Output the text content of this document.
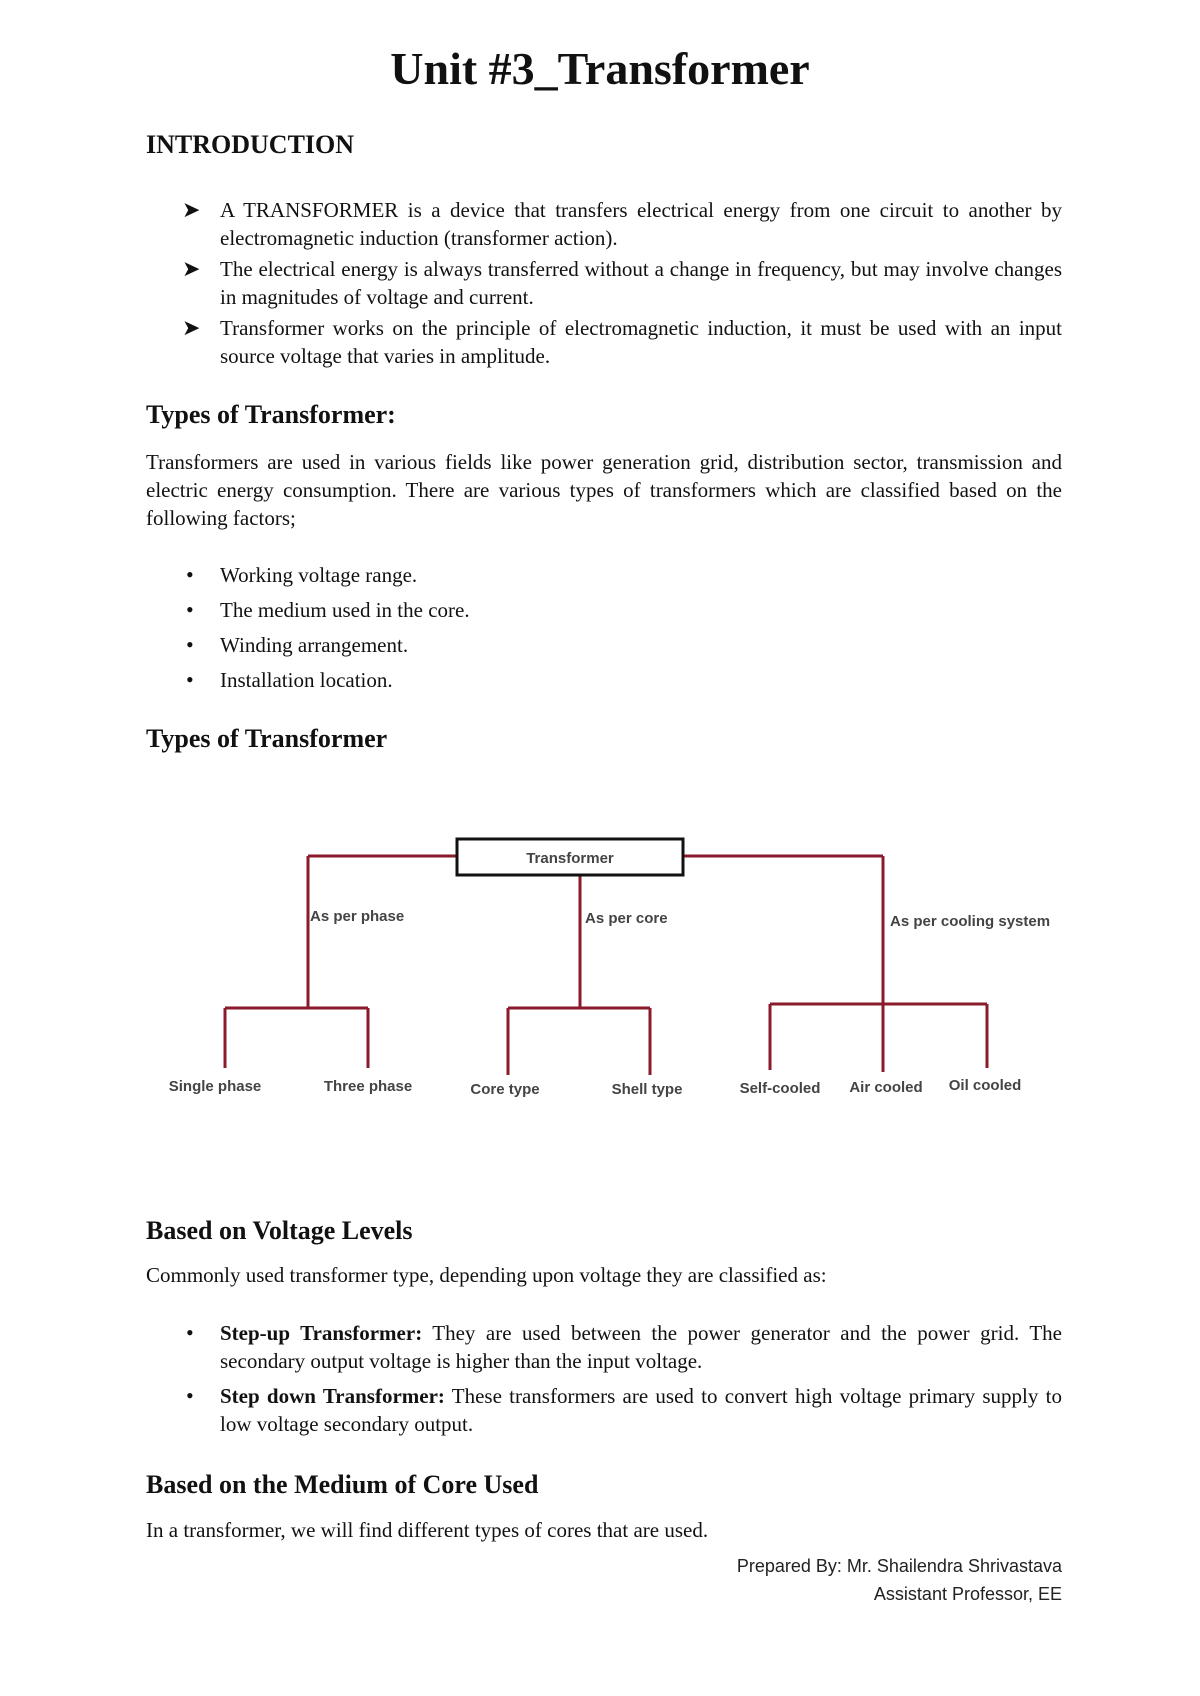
Unit #3_Transformer
INTRODUCTION
➤ A TRANSFORMER is a device that transfers electrical energy from one circuit to another by electromagnetic induction (transformer action).
➤ The electrical energy is always transferred without a change in frequency, but may involve changes in magnitudes of voltage and current.
➤ Transformer works on the principle of electromagnetic induction, it must be used with an input source voltage that varies in amplitude.
Types of Transformer:

Transformers are used in various fields like power generation grid, distribution sector, transmission and electric energy consumption. There are various types of transformers which are classified based on the following factors;

• Working voltage range.
• The medium used in the core.
• Winding arrangement.
• Installation location.
Types of Transformer
Transformer
As per phase	As per core	As per cooling system
Single phase	Three phase	Core type	Shell type	Self-cooled Air cooled Oil cooled
Based on Voltage Levels

Commonly used transformer type, depending upon voltage they are classified as:

• Step-up Transformer: They are used between the power generator and the power grid. The secondary output voltage is higher than the input voltage.
• Step down Transformer: These transformers are used to convert high voltage primary supply to low voltage secondary output.
Based on the Medium of Core Used

In a transformer, we will find different types of cores that are used.

Prepared By: Mr. Shailendra Shrivastava
Assistant Professor, EE
